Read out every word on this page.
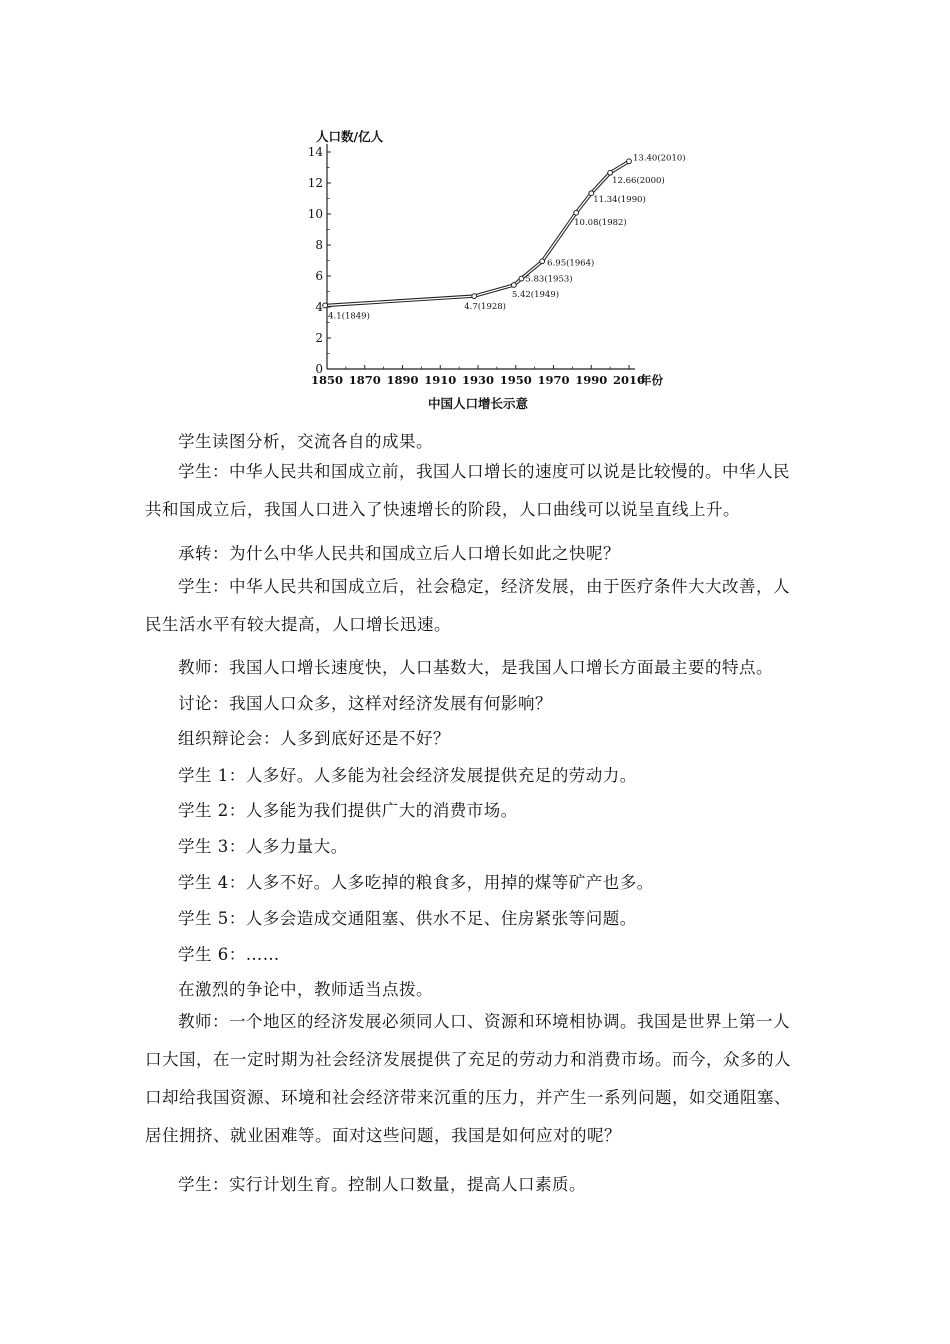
0
2
4
6
8
10
12
14
1850 1870 1890 1910 1930 1950 1970 1990 2010
人口数/亿人
年份
中国人口增长示意
4.1(1849)
4.7(1928)
5.42(1949)
5.83(1953)
6.95(1964)
10.08(1982)
11.34(1990)
12.66(2000)
13.40(2010)

学生读图分析，交流各自的成果。

学生：中华人民共和国成立前，我国人口增长的速度可以说是比较慢的。中华人民共和国成立后，我国人口进入了快速增长的阶段，人口曲线可以说呈直线上升。

承转：为什么中华人民共和国成立后人口增长如此之快呢？

学生：中华人民共和国成立后，社会稳定，经济发展，由于医疗条件大大改善，人民生活水平有较大提高，人口增长迅速。

教师：我国人口增长速度快，人口基数大，是我国人口增长方面最主要的特点。

讨论：我国人口众多，这样对经济发展有何影响？

组织辩论会：人多到底好还是不好？

学生 1：人多好。人多能为社会经济发展提供充足的劳动力。

学生 2：人多能为我们提供广大的消费市场。

学生 3：人多力量大。

学生 4：人多不好。人多吃掉的粮食多，用掉的煤等矿产也多。

学生 5：人多会造成交通阻塞、供水不足、住房紧张等问题。

学生 6：……

在激烈的争论中，教师适当点拨。

教师：一个地区的经济发展必须同人口、资源和环境相协调。我国是世界上第一人口大国，在一定时期为社会经济发展提供了充足的劳动力和消费市场。而今，众多的人口却给我国资源、环境和社会经济带来沉重的压力，并产生一系列问题，如交通阻塞、居住拥挤、就业困难等。面对这些问题，我国是如何应对的呢？

学生：实行计划生育。控制人口数量，提高人口素质。
